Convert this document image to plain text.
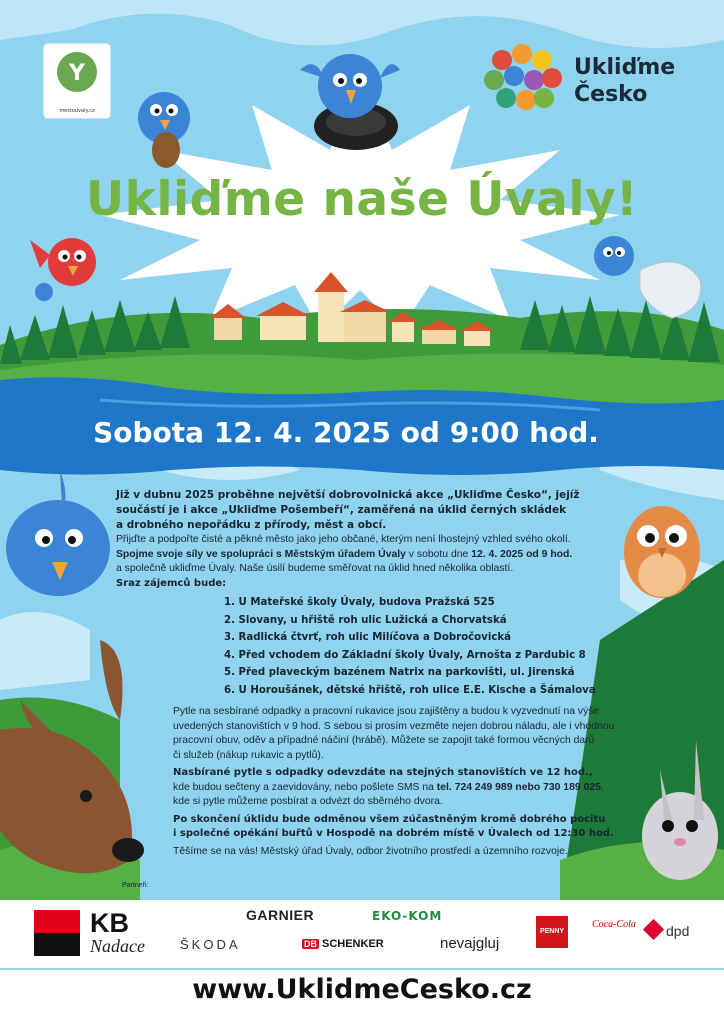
Y
mestouvaly.cz
Ukliďme
Česko
Ukliďme naše Úvaly!
Sobota 12. 4. 2025 od 9:00 hod.

Již v dubnu 2025 proběhne největší dobrovolnická akce „Ukliďme Česko“, jejíž

součástí je i akce „Ukliďme Pošembeří“, zaměřená na úklid černých skládek

a drobného nepořádku z přírody, měst a obcí.

Přijďte a podpořte čisté a pěkné město jako jeho občané, kterým není lhostejný vzhled svého okolí.

Spojme svoje síly ve spolupráci s Městským úřadem Úvaly v sobotu dne 12. 4. 2025 od 9 hod.

a společně ukliďme Úvaly. Naše úsilí budeme směřovat na úklid hned několika oblastí.

Sraz zájemců bude:

1. U Mateřské školy Úvaly, budova Pražská 525
2. Slovany, u hřiště roh ulic Lužická a Chorvatská
3. Radlická čtvrť, roh ulic Milíčova a Dobročovická
4. Před vchodem do Základní školy Úvaly, Arnošta z Pardubic 8
5. Před plaveckým bazénem Natrix na parkovišti, ul. Jirenská
6. U Horoušánek, dětské hřiště, roh ulice E.E. Kische a Šámalova

Pytle na sesbírané odpadky a pracovní rukavice jsou zajištěny a budou k vyzvednutí na výše

uvedených stanovištích v 9 hod. S sebou si prosím vezměte nejen dobrou náladu, ale i vhodnou

pracovní obuv, oděv a případné náčiní (hrábě). Můžete se zapojit také formou věcných darů

či služeb (nákup rukavic a pytlů).

Nasbírané pytle s odpadky odevzdáte na stejných stanovištích ve 12 hod.,

kde budou sečteny a zaevidovány, nebo pošlete SMS na tel. 724 249 989 nebo 730 189 025,

kde si pytle můžeme posbírat a odvézt do sběrného dvora.

Po skončení úklidu bude odměnou všem zúčastněným kromě dobrého pocitu

i společné opékání buřtů v Hospodě na dobrém místě v Úvalech od 12:30 hod.

Těšíme se na vás! Městský úřad Úvaly, odbor životního prostředí a územního rozvoje.

Partneři:
KB
Nadace
GARNIER	EKO-KOM
ŠKODA	DB SCHENKER	nevajgluj
PENNY
Coca-Cola dpd
www.UklidmeCesko.cz
